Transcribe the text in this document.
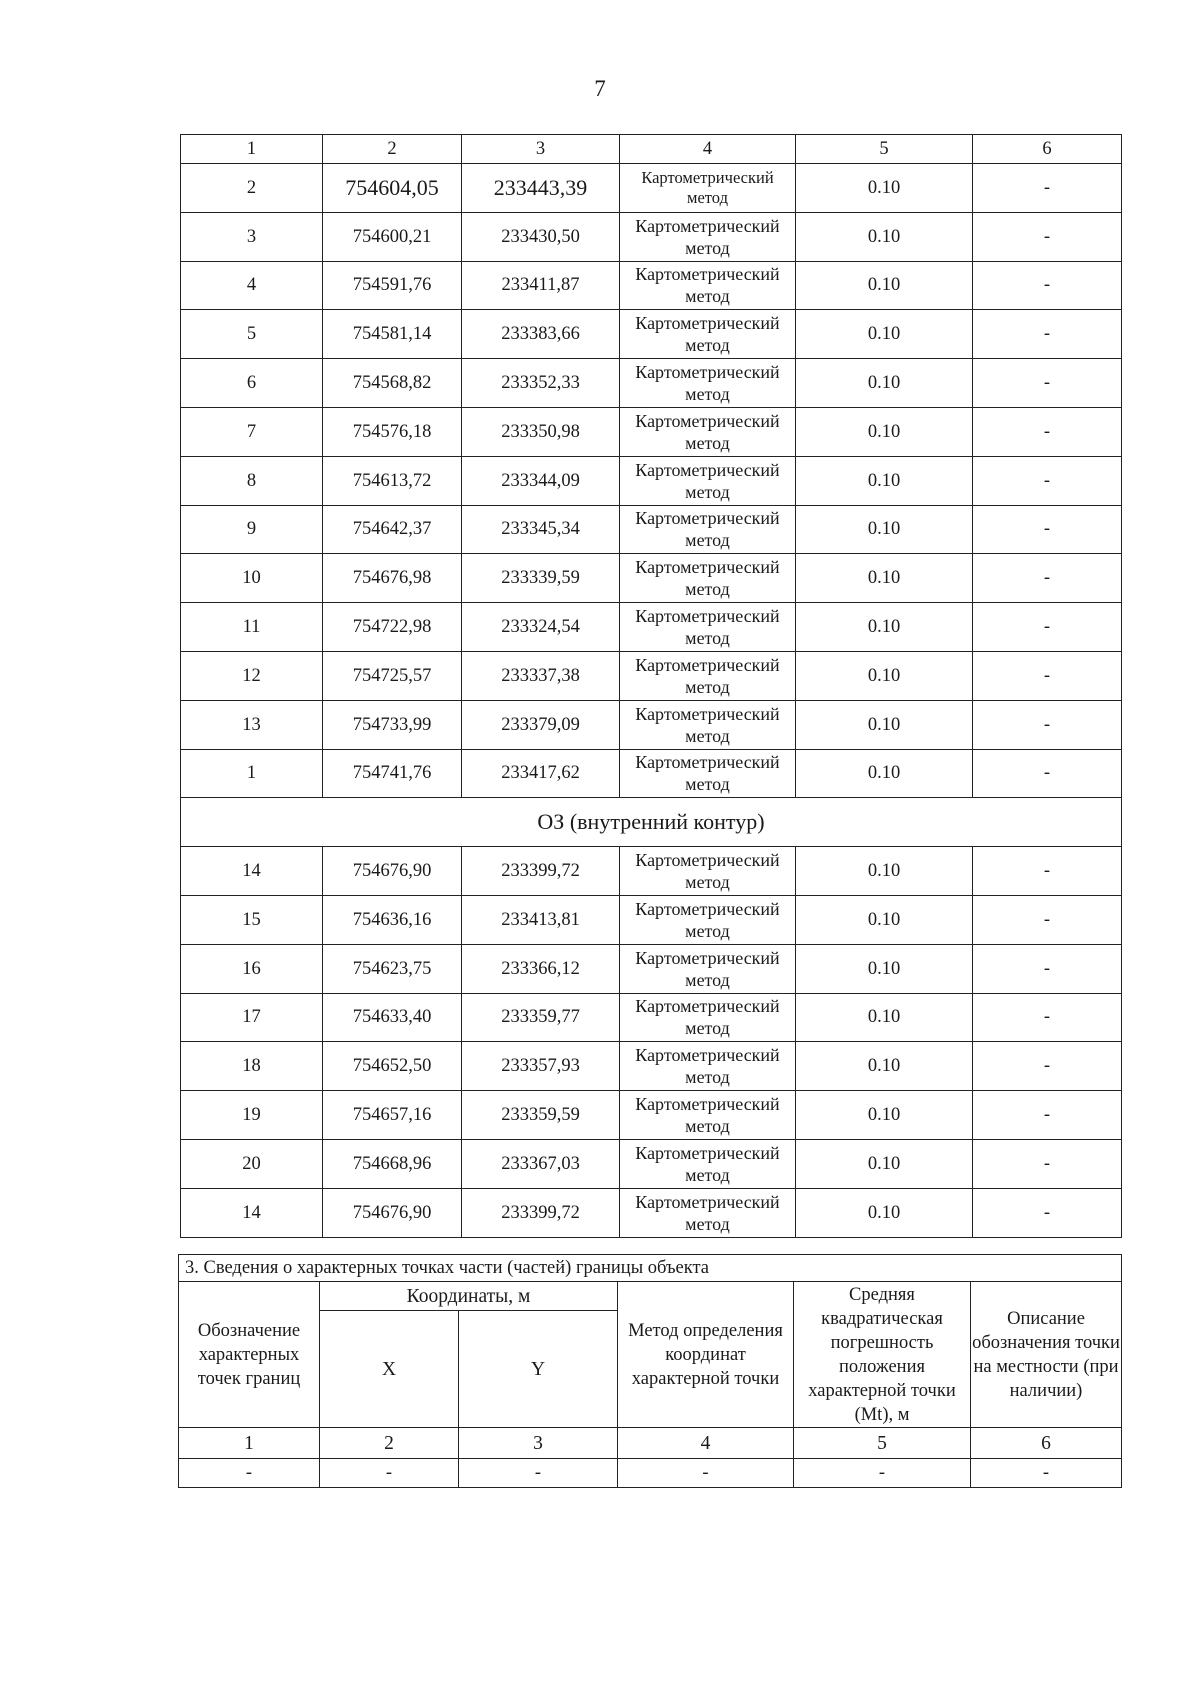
7
1	2	3	4	5	6
2	754604,05	233443,39	Картометрический метод	0.10	-
3	754600,21	233430,50	Картометрический метод	0.10	-
4	754591,76	233411,87	Картометрический метод	0.10	-
5	754581,14	233383,66	Картометрический метод	0.10	-
6	754568,82	233352,33	Картометрический метод	0.10	-
7	754576,18	233350,98	Картометрический метод	0.10	-
8	754613,72	233344,09	Картометрический метод	0.10	-
9	754642,37	233345,34	Картометрический метод	0.10	-
10	754676,98	233339,59	Картометрический метод	0.10	-
11	754722,98	233324,54	Картометрический метод	0.10	-
12	754725,57	233337,38	Картометрический метод	0.10	-
13	754733,99	233379,09	Картометрический метод	0.10	-
1	754741,76	233417,62	Картометрический метод	0.10	-
ОЗ (внутренний контур)					
14	754676,90	233399,72	Картометрический метод	0.10	-
15	754636,16	233413,81	Картометрический метод	0.10	-
16	754623,75	233366,12	Картометрический метод	0.10	-
17	754633,40	233359,77	Картометрический метод	0.10	-
18	754652,50	233357,93	Картометрический метод	0.10	-
19	754657,16	233359,59	Картометрический метод	0.10	-
20	754668,96	233367,03	Картометрический метод	0.10	-
14	754676,90	233399,72	Картометрический метод	0.10	-
3. Сведения о характерных точках части (частей) границы объекта					
Обозначение характерных точек границ	Координаты, м		Метод определения координат характерной точки	Средняя квадратическая погрешность положения характерной точки (Mt), м	Описание обозначения точки на местности (при наличии)
	X	Y			
1	2	3	4	5	6
-	-	-	-	-	-
